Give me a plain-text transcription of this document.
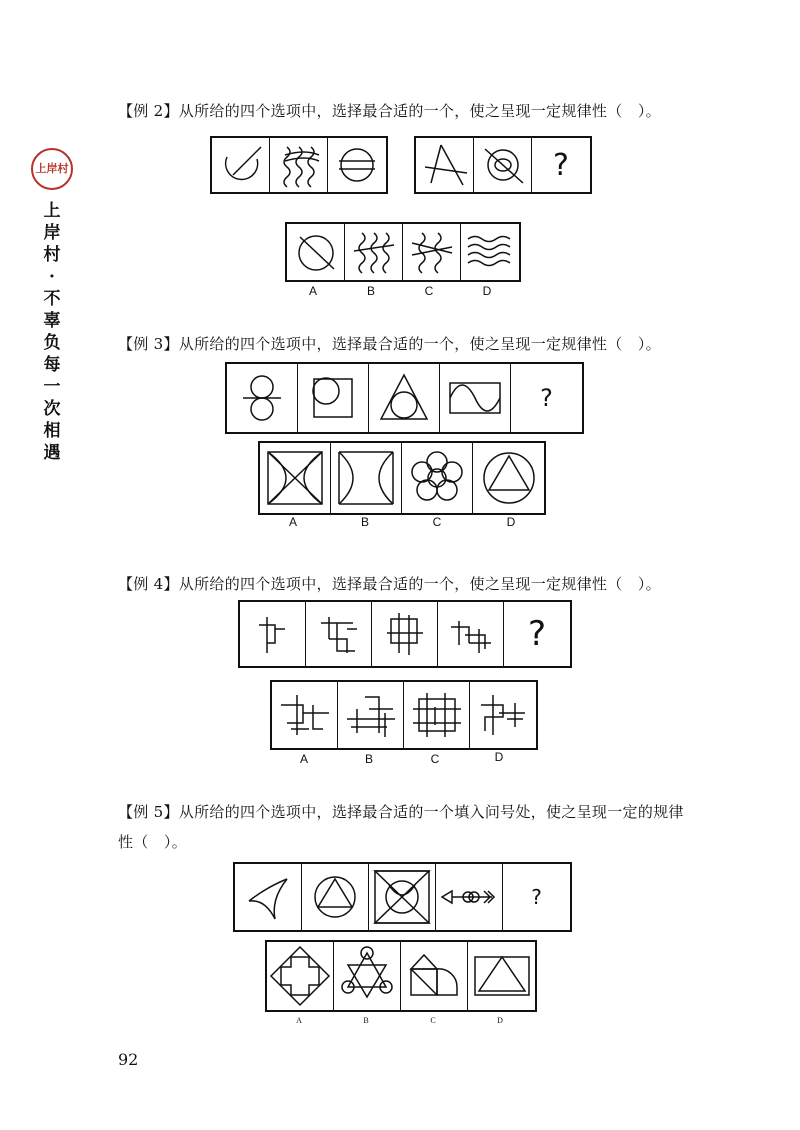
上岸村
上
岸
村
·
不
辜
负
每
一
次
相
遇
【例 2】从所给的四个选项中，选择最合适的一个，使之呈现一定规律性（　）。
?
A	B	C	D
【例 3】从所给的四个选项中，选择最合适的一个，使之呈现一定规律性（　）。
?
A	B	C	D
【例 4】从所给的四个选项中，选择最合适的一个，使之呈现一定规律性（　）。
?
A	B	C	D
【例 5】从所给的四个选项中，选择最合适的一个填入问号处，使之呈现一定的规律性（　）。
?
A	B	C	D
92
